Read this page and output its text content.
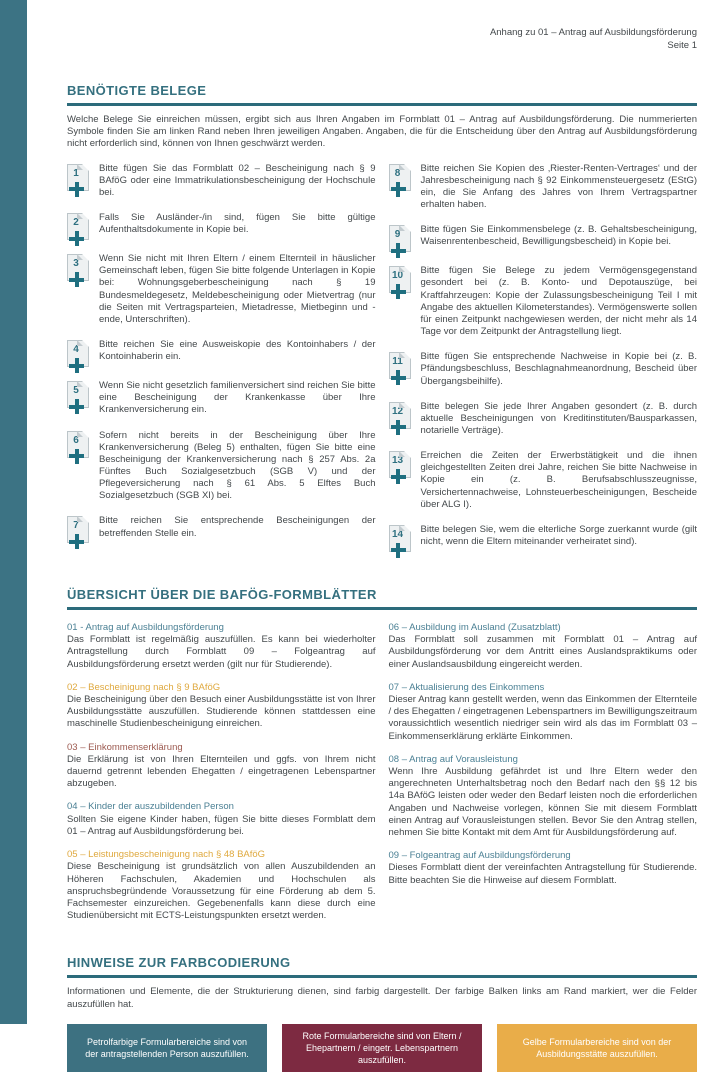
Anhang zu 01 – Antrag auf Ausbildungsförderung
Seite 1
BENÖTIGTE BELEGE
Welche Belege Sie einreichen müssen, ergibt sich aus Ihren Angaben im Formblatt 01 – Antrag auf Ausbildungsförderung. Die nummerierten Symbole finden Sie am linken Rand neben Ihren jeweiligen Angaben. Angaben, die für die Entscheidung über den Antrag auf Ausbildungsförderung nicht erforderlich sind, können von Ihnen geschwärzt werden.
1	Bitte fügen Sie das Formblatt 02 – Bescheinigung nach § 9 BAföG oder eine Immatrikulationsbescheinigung der Hochschule bei.
2	Falls Sie Ausländer-/in sind, fügen Sie bitte gültige Aufenthaltsdokumente in Kopie bei.
3	Wenn Sie nicht mit Ihren Eltern / einem Elternteil in häuslicher Gemeinschaft leben, fügen Sie bitte folgende Unterlagen in Kopie bei: Wohnungsgeberbescheinigung nach § 19 Bundesmeldegesetz, Meldebescheinigung oder Mietvertrag (nur die Seiten mit Vertragsparteien, Mietadresse, Mietbeginn und -ende, Unterschriften).
4	Bitte reichen Sie eine Ausweiskopie des Kontoinhabers / der Kontoinhaberin ein.
5	Wenn Sie nicht gesetzlich familienversichert sind reichen Sie bitte eine Bescheinigung der Krankenkasse über Ihre Krankenversicherung ein.
6	Sofern nicht bereits in der Bescheinigung über Ihre Krankenversicherung (Beleg 5) enthalten, fügen Sie bitte eine Bescheinigung der Krankenversicherung nach § 257 Abs. 2a Fünftes Buch Sozialgesetzbuch (SGB V) und der Pflegeversicherung nach § 61 Abs. 5 Elftes Buch Sozialgesetzbuch (SGB XI) bei.
7	Bitte reichen Sie entsprechende Bescheinigungen der betreffenden Stelle ein.
8	Bitte reichen Sie Kopien des ‚Riester-Renten-Vertrages‘ und der Jahresbescheinigung nach § 92 Einkommensteuergesetz (EStG) ein, die Sie Anfang des Jahres von Ihrem Vertragspartner erhalten haben.
9	Bitte fügen Sie Einkommensbelege (z. B. Gehaltsbescheinigung, Waisenrentenbescheid, Bewilligungsbescheid) in Kopie bei.
10 Bitte fügen Sie Belege zu jedem Vermögensgegenstand gesondert bei (z. B. Konto- und Depotauszüge, bei Kraftfahrzeugen: Kopie der Zulassungsbescheinigung Teil I mit Angabe des aktuellen Kilometerstandes). Vermögenswerte sollen für einen Zeitpunkt nachgewiesen werden, der nicht mehr als 14 Tage vor dem Zeitpunkt der Antragstellung liegt.
11 Bitte fügen Sie entsprechende Nachweise in Kopie bei (z. B. Pfändungsbeschluss, Beschlagnahmeanordnung, Bescheid über Übergangsbeihilfe).
12 Bitte belegen Sie jede Ihrer Angaben gesondert (z. B. durch aktuelle Bescheinigungen von Kreditinstituten/Bausparkassen, notarielle Verträge).
13 Erreichen die Zeiten der Erwerbstätigkeit und die ihnen gleichgestellten Zeiten drei Jahre, reichen Sie bitte Nachweise in Kopie ein (z. B. Berufsabschlusszeugnisse, Versichertennachweise, Lohnsteuerbescheinigungen, Bescheide über ALG I).
14 Bitte belegen Sie, wem die elterliche Sorge zuerkannt wurde (gilt nicht, wenn die Eltern miteinander verheiratet sind).
ÜBERSICHT ÜBER DIE BAFÖG-FORMBLÄTTER
01 - Antrag auf Ausbildungsförderung
Das Formblatt ist regelmäßig auszufüllen. Es kann bei wiederholter Antragstellung durch Formblatt 09 – Folgeantrag auf Ausbildungsförderung ersetzt werden (gilt nur für Studierende).
02 – Bescheinigung nach § 9 BAföG
Die Bescheinigung über den Besuch einer Ausbildungsstätte ist von Ihrer Ausbildungsstätte auszufüllen. Studierende können stattdessen eine maschinelle Studienbescheinigung einreichen.
03 – Einkommenserklärung
Die Erklärung ist von Ihren Elternteilen und ggfs. von Ihrem nicht dauernd getrennt lebenden Ehegatten / eingetragenen Lebenspartner abzugeben.
04 – Kinder der auszubildenden Person
Sollten Sie eigene Kinder haben, fügen Sie bitte dieses Formblatt dem 01 – Antrag auf Ausbildungsförderung bei.
05 – Leistungsbescheinigung nach § 48 BAföG
Diese Bescheinigung ist grundsätzlich von allen Auszubildenden an Höheren Fachschulen, Akademien und Hochschulen als anspruchsbegründende Voraussetzung für eine Förderung ab dem 5. Fachsemester einzureichen. Gegebenenfalls kann diese durch eine Studienübersicht mit ECTS-Leistungspunkten ersetzt werden.
06 – Ausbildung im Ausland (Zusatzblatt)
Das Formblatt soll zusammen mit Formblatt 01 – Antrag auf Ausbildungsförderung vor dem Antritt eines Auslandspraktikums oder einer Auslandsausbildung eingereicht werden.
07 – Aktualisierung des Einkommens
Dieser Antrag kann gestellt werden, wenn das Einkommen der Elternteile / des Ehegatten / eingetragenen Lebenspartners im Bewilligungszeitraum voraussichtlich wesentlich niedriger sein wird als das im Formblatt 03 – Einkommenserklärung erklärte Einkommen.
08 – Antrag auf Vorausleistung
Wenn Ihre Ausbildung gefährdet ist und Ihre Eltern weder den angerechneten Unterhaltsbetrag noch den Bedarf nach den §§ 12 bis 14a BAföG leisten oder weder den Bedarf leisten noch die erforderlichen Angaben und Nachweise vorlegen, können Sie mit diesem Formblatt einen Antrag auf Vorausleistungen stellen. Bevor Sie den Antrag stellen, nehmen Sie bitte Kontakt mit dem Amt für Ausbildungsförderung auf.
09 – Folgeantrag auf Ausbildungsförderung
Dieses Formblatt dient der vereinfachten Antragstellung für Studierende. Bitte beachten Sie die Hinweise auf diesem Formblatt.
HINWEISE ZUR FARBCODIERUNG
Informationen und Elemente, die der Strukturierung dienen, sind farbig dargestellt. Der farbige Balken links am Rand markiert, wer die Felder auszufüllen hat.
Petrolfarbige Formularbereiche sind von der antragstellenden Person auszufüllen.
Rote Formularbereiche sind von Eltern / Ehepartnern / eingetr. Lebenspartnern auszufüllen.
Gelbe Formularbereiche sind von der Ausbildungsstätte auszufüllen.
